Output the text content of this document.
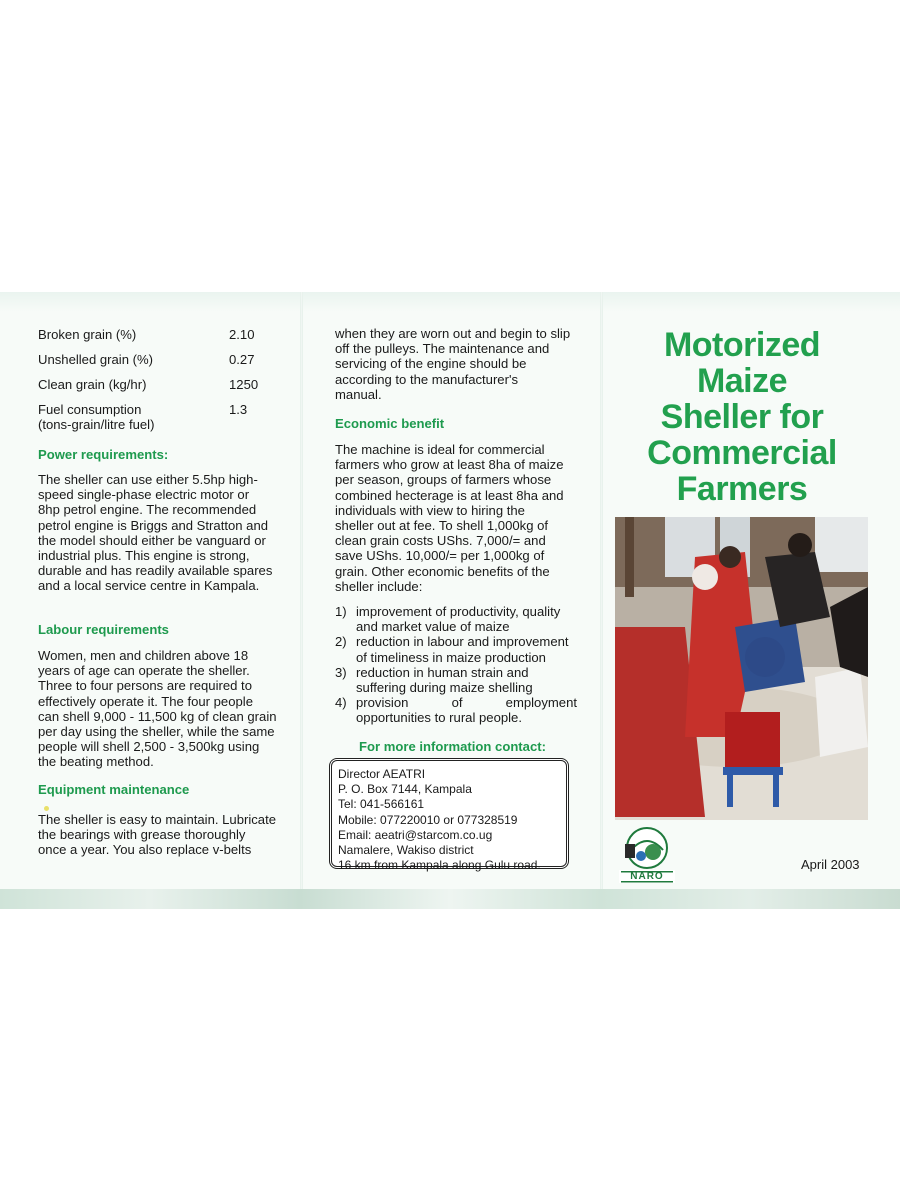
Broken grain (%)	2.10
Unshelled grain (%)	0.27
Clean grain (kg/hr)	1250
Fuel consumption	1.3
(tons-grain/litre fuel)
Power requirements:
The sheller can use either 5.5hp high-
speed single-phase electric motor or
8hp petrol engine. The recommended
petrol engine is Briggs and Stratton and
the model should either be vanguard or
industrial plus. This engine is strong,
durable and has readily available spares
and a local service centre in Kampala.
Labour requirements
Women, men and children above 18
years of age can operate the sheller.
Three to four persons are required to
effectively operate it. The four people
can shell 9,000 - 11,500 kg of clean grain
per day using the sheller, while the same
people will shell 2,500 - 3,500kg using
the beating method.
Equipment maintenance
The sheller is easy to maintain. Lubricate
the bearings with grease thoroughly
once a year. You also replace v-belts
when they are worn out and begin to slip
off the pulleys. The maintenance and
servicing of the engine should be
according to the manufacturer's
manual.
Economic benefit
The machine is ideal for commercial
farmers who grow at least 8ha of maize
per season, groups of farmers whose
combined hecterage is at least 8ha and
individuals with view to hiring the
sheller out at fee. To shell 1,000kg of
clean grain costs UShs. 7,000/= and
save UShs. 10,000/= per 1,000kg of
grain. Other economic benefits of the
sheller include:
1) improvement of productivity, quality
and market value of maize
2) reduction in labour and improvement
of timeliness in maize production
3) reduction in human strain and
suffering during maize shelling
4) provision of employment
opportunities to rural people.
For more information contact:
Director AEATRI
P. O. Box 7144, Kampala
Tel: 041-566161
Mobile: 077220010 or 077328519
Email: aeatri@starcom.co.ug
Namalere, Wakiso district
16 km from Kampala along Gulu road.
Motorized
Maize
Sheller for
Commercial
Farmers
NARO
April 2003
